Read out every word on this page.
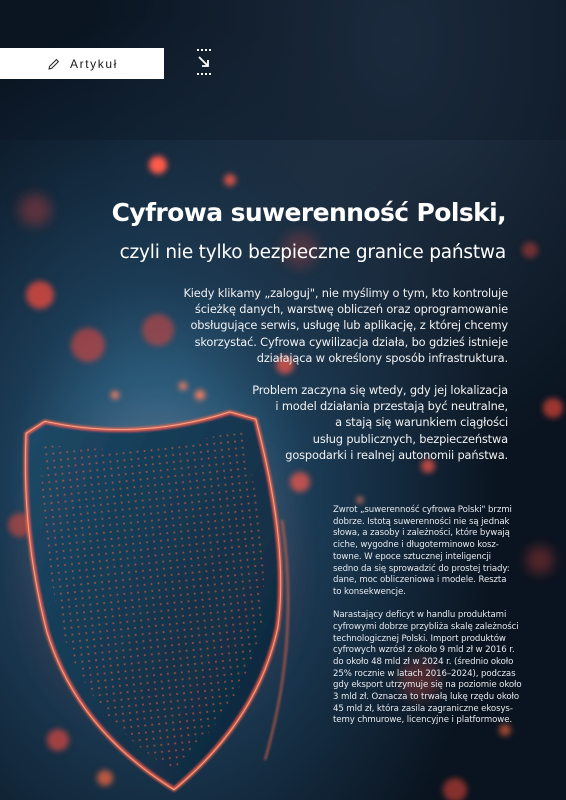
Artykuł
Cyfrowa suwerenność Polski,
czyli nie tylko bezpieczne granice państwa

Kiedy klikamy „zaloguj", nie myślimy o tym, kto kontroluje
ścieżkę danych, warstwę obliczeń oraz oprogramowanie
obsługujące serwis, usługę lub aplikację, z której chcemy
skorzystać. Cyfrowa cywilizacja działa, bo gdzieś istnieje
działająca w określony sposób infrastruktura.

Problem zaczyna się wtedy, gdy jej lokalizacja
i model działania przestają być neutralne,
a stają się warunkiem ciągłości
usług publicznych, bezpieczeństwa
gospodarki i realnej autonomii państwa.

Zwrot „suwerenność cyfrowa Polski" brzmi
dobrze. Istotą suwerenności nie są jednak
słowa, a zasoby i zależności, które bywają
ciche, wygodne i długoterminowo kosz-
towne. W epoce sztucznej inteligencji
sedno da się sprowadzić do prostej triady:
dane, moc obliczeniowa i modele. Reszta
to konsekwencje.

Narastający deficyt w handlu produktami
cyfrowymi dobrze przybliża skalę zależności
technologicznej Polski. Import produktów
cyfrowych wzrósł z około 9 mld zł w 2016 r.
do około 48 mld zł w 2024 r. (średnio około
25% rocznie w latach 2016–2024), podczas
gdy eksport utrzymuje się na poziomie około
3 mld zł. Oznacza to trwałą lukę rzędu około
45 mld zł, która zasila zagraniczne ekosys-
temy chmurowe, licencyjne i platformowe.
